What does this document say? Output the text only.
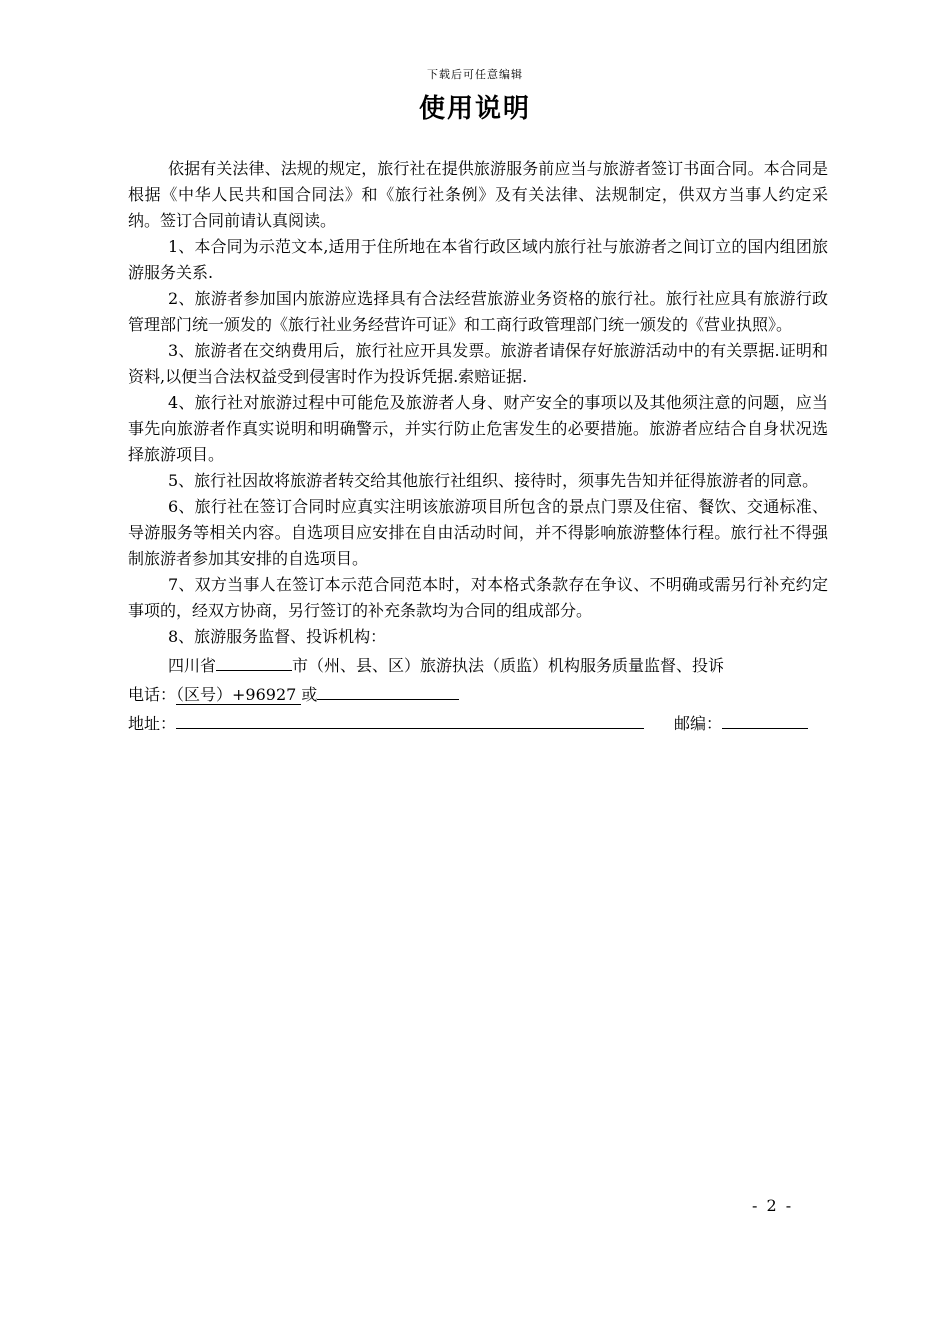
下载后可任意编辑
使用说明

依据有关法律、法规的规定，旅行社在提供旅游服务前应当与旅游者签订书面合同。本合同是根据《中华人民共和国合同法》和《旅行社条例》及有关法律、法规制定，供双方当事人约定采纳。签订合同前请认真阅读。

1、本合同为示范文本,适用于住所地在本省行政区域内旅行社与旅游者之间订立的国内组团旅游服务关系.

2、旅游者参加国内旅游应选择具有合法经营旅游业务资格的旅行社。旅行社应具有旅游行政管理部门统一颁发的《旅行社业务经营许可证》和工商行政管理部门统一颁发的《营业执照》。

3、旅游者在交纳费用后，旅行社应开具发票。旅游者请保存好旅游活动中的有关票据.证明和资料,以便当合法权益受到侵害时作为投诉凭据.索赔证据.

4、旅行社对旅游过程中可能危及旅游者人身、财产安全的事项以及其他须注意的问题，应当事先向旅游者作真实说明和明确警示，并实行防止危害发生的必要措施。旅游者应结合自身状况选择旅游项目。

5、旅行社因故将旅游者转交给其他旅行社组织、接待时，须事先告知并征得旅游者的同意。

6、旅行社在签订合同时应真实注明该旅游项目所包含的景点门票及住宿、餐饮、交通标准、导游服务等相关内容。自选项目应安排在自由活动时间，并不得影响旅游整体行程。旅行社不得强制旅游者参加其安排的自选项目。

7、双方当事人在签订本示范合同范本时，对本格式条款存在争议、不明确或需另行补充约定事项的，经双方协商，另行签订的补充条款均为合同的组成部分。

8、旅游服务监督、投诉机构：

四川省	市（州、县、区）旅游执法（质监）机构服务质量监督、投诉

电话：（区号）+96927 或

地址：	邮编：

- 2 -
